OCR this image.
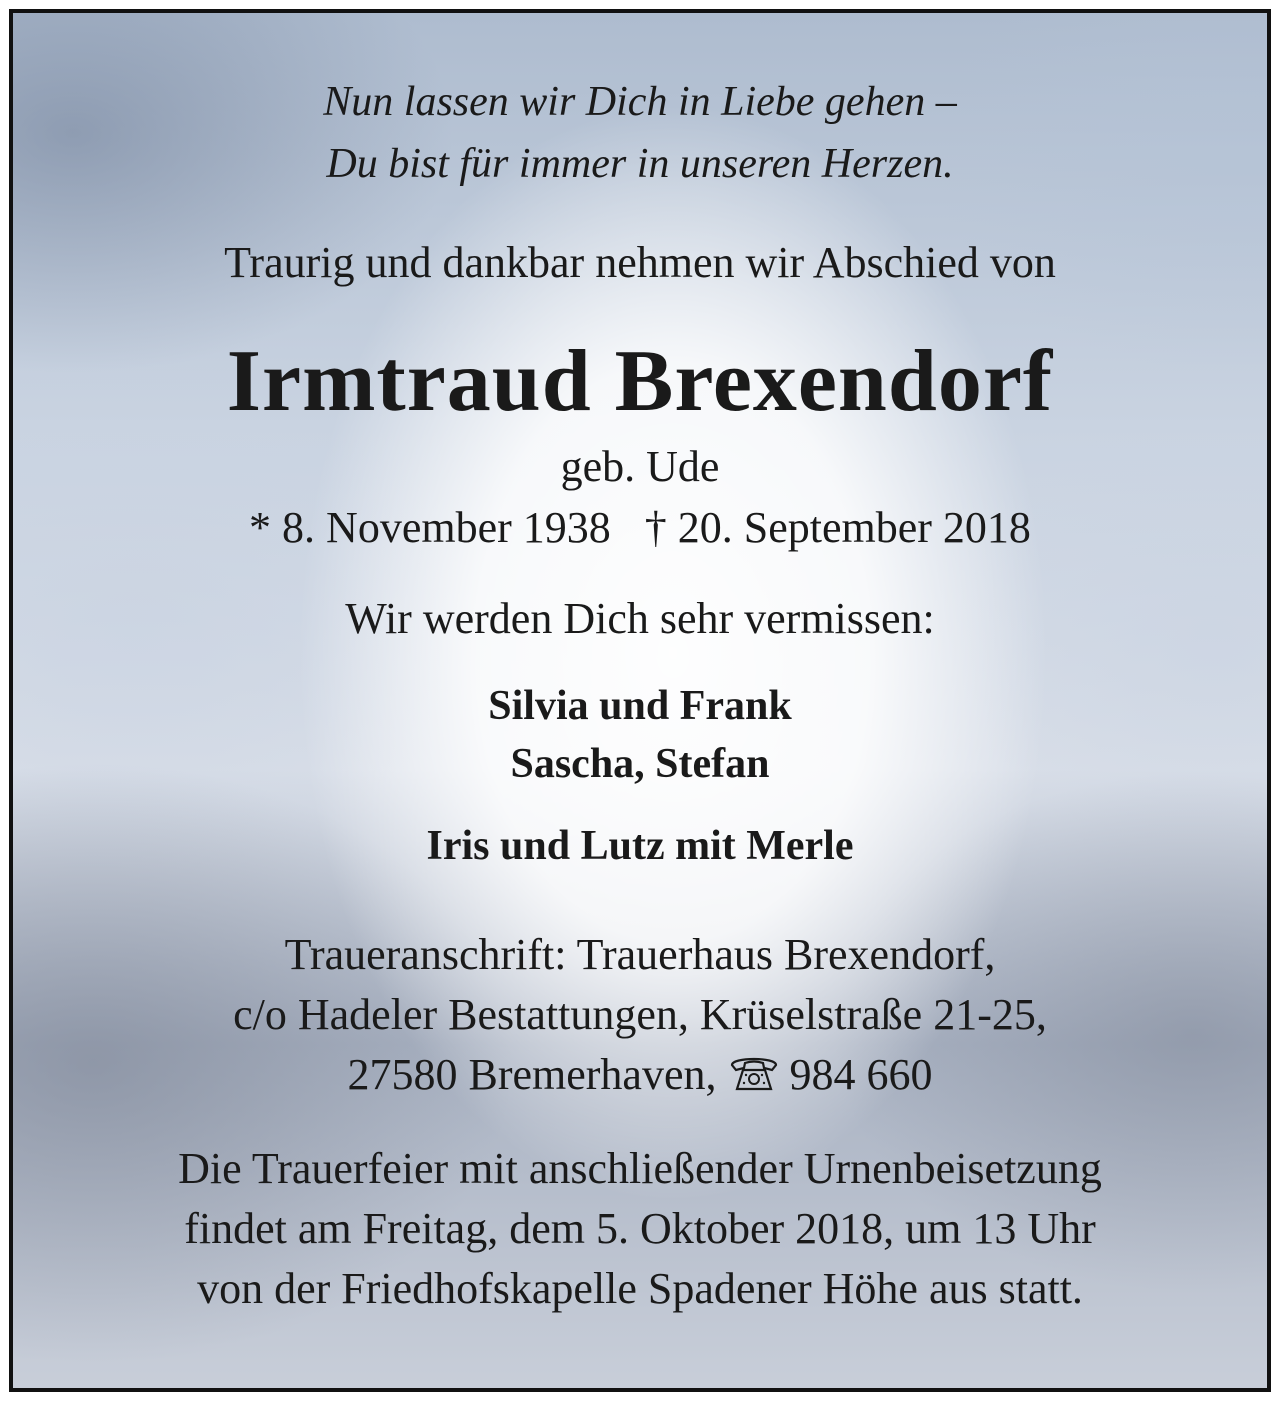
Nun lassen wir Dich in Liebe gehen –

Du bist für immer in unseren Herzen.

Traurig und dankbar nehmen wir Abschied von

Irmtraud Brexendorf

geb. Ude

* 8. November 1938 † 20. September 2018

Wir werden Dich sehr vermissen:

Silvia und Frank

Sascha, Stefan

Iris und Lutz mit Merle

Traueranschrift: Trauerhaus Brexendorf,

c/o Hadeler Bestattungen, Krüselstraße 21-25,

27580 Bremerhaven, 984 660

Die Trauerfeier mit anschließender Urnenbeisetzung

findet am Freitag, dem 5. Oktober 2018, um 13 Uhr

von der Friedhofskapelle Spadener Höhe aus statt.
